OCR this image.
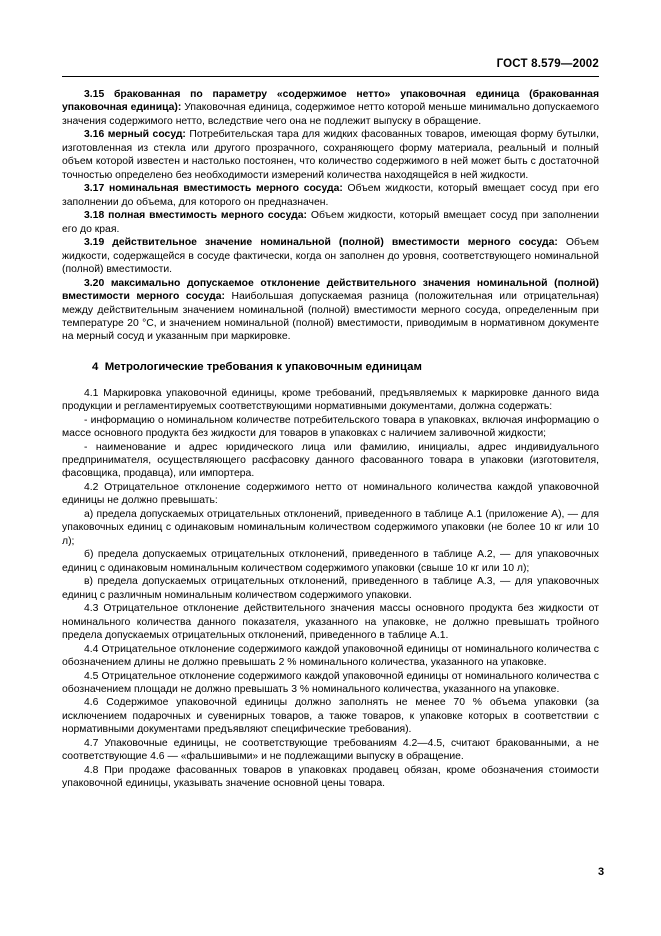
ГОСТ 8.579—2002

3.15 бракованная по параметру «содержимое нетто» упаковочная единица (бракованная упаковочная единица): Упаковочная единица, содержимое нетто которой меньше минимально допускаемого значения содержимого нетто, вследствие чего она не подлежит выпуску в обращение.

3.16 мерный сосуд: Потребительская тара для жидких фасованных товаров, имеющая форму бутылки, изготовленная из стекла или другого прозрачного, сохраняющего форму материала, реальный и полный объем которой известен и настолько постоянен, что количество содержимого в ней может быть с достаточной точностью определено без необходимости измерений количества находящейся в ней жидкости.

3.17 номинальная вместимость мерного сосуда: Объем жидкости, который вмещает сосуд при его заполнении до объема, для которого он предназначен.

3.18 полная вместимость мерного сосуда: Объем жидкости, который вмещает сосуд при заполнении его до края.

3.19 действительное значение номинальной (полной) вместимости мерного сосуда: Объем жидкости, содержащейся в сосуде фактически, когда он заполнен до уровня, соответствующего номинальной (полной) вместимости.

3.20 максимально допускаемое отклонение действительного значения номинальной (полной) вместимости мерного сосуда: Наибольшая допускаемая разница (положительная или отрицательная) между действительным значением номинальной (полной) вместимости мерного сосуда, определенным при температуре 20 °С, и значением номинальной (полной) вместимости, приводимым в нормативном документе на мерный сосуд и указанным при маркировке.

4 Метрологические требования к упаковочным единицам

4.1 Маркировка упаковочной единицы, кроме требований, предъявляемых к маркировке данного вида продукции и регламентируемых соответствующими нормативными документами, должна содержать:

- информацию о номинальном количестве потребительского товара в упаковках, включая информацию о массе основного продукта без жидкости для товаров в упаковках с наличием заливочной жидкости;

- наименование и адрес юридического лица или фамилию, инициалы, адрес индивидуального предпринимателя, осуществляющего расфасовку данного фасованного товара в упаковки (изготовителя, фасовщика, продавца), или импортера.

4.2 Отрицательное отклонение содержимого нетто от номинального количества каждой упаковочной единицы не должно превышать:

а) предела допускаемых отрицательных отклонений, приведенного в таблице А.1 (приложение А), — для упаковочных единиц с одинаковым номинальным количеством содержимого упаковки (не более 10 кг или 10 л);

б) предела допускаемых отрицательных отклонений, приведенного в таблице А.2, — для упаковочных единиц с одинаковым номинальным количеством содержимого упаковки (свыше 10 кг или 10 л);

в) предела допускаемых отрицательных отклонений, приведенного в таблице А.3, — для упаковочных единиц с различным номинальным количеством содержимого упаковки.

4.3 Отрицательное отклонение действительного значения массы основного продукта без жидкости от номинального количества данного показателя, указанного на упаковке, не должно превышать тройного предела допускаемых отрицательных отклонений, приведенного в таблице А.1.

4.4 Отрицательное отклонение содержимого каждой упаковочной единицы от номинального количества с обозначением длины не должно превышать 2 % номинального количества, указанного на упаковке.

4.5 Отрицательное отклонение содержимого каждой упаковочной единицы от номинального количества с обозначением площади не должно превышать 3 % номинального количества, указанного на упаковке.

4.6 Содержимое упаковочной единицы должно заполнять не менее 70 % объема упаковки (за исключением подарочных и сувенирных товаров, а также товаров, к упаковке которых в соответствии с нормативными документами предъявляют специфические требования).

4.7 Упаковочные единицы, не соответствующие требованиям 4.2—4.5, считают бракованными, а не соответствующие 4.6 — «фальшивыми» и не подлежащими выпуску в обращение.

4.8 При продаже фасованных товаров в упаковках продавец обязан, кроме обозначения стоимости упаковочной единицы, указывать значение основной цены товара.

3
